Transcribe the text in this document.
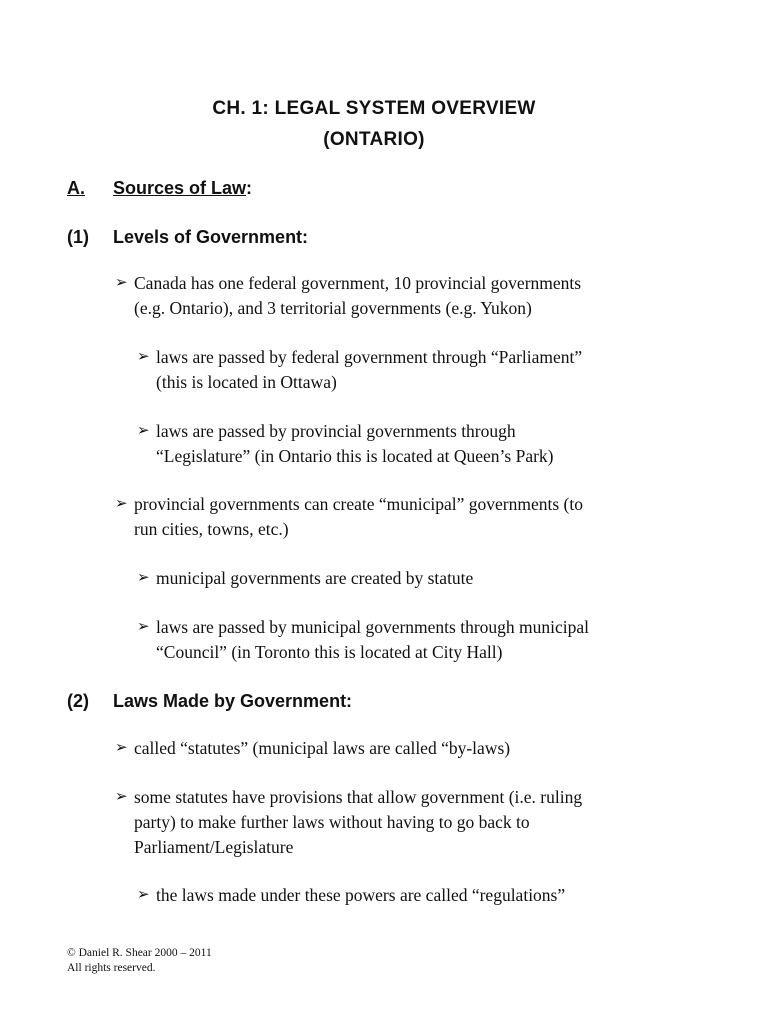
CH. 1: LEGAL SYSTEM OVERVIEW
(ONTARIO)
A. Sources of Law:
(1) Levels of Government:
➢ Canada has one federal government, 10 provincial governments
(e.g. Ontario), and 3 territorial governments (e.g. Yukon)
➢ laws are passed by federal government through “Parliament”
(this is located in Ottawa)
➢ laws are passed by provincial governments through
“Legislature” (in Ontario this is located at Queen’s Park)
➢ provincial governments can create “municipal” governments (to
run cities, towns, etc.)
➢ municipal governments are created by statute
➢ laws are passed by municipal governments through municipal
“Council” (in Toronto this is located at City Hall)
(2) Laws Made by Government:
➢ called “statutes” (municipal laws are called “by-laws)
➢ some statutes have provisions that allow government (i.e. ruling
party) to make further laws without having to go back to
Parliament/Legislature
➢ the laws made under these powers are called “regulations”
© Daniel R. Shear 2000 – 2011
All rights reserved.
